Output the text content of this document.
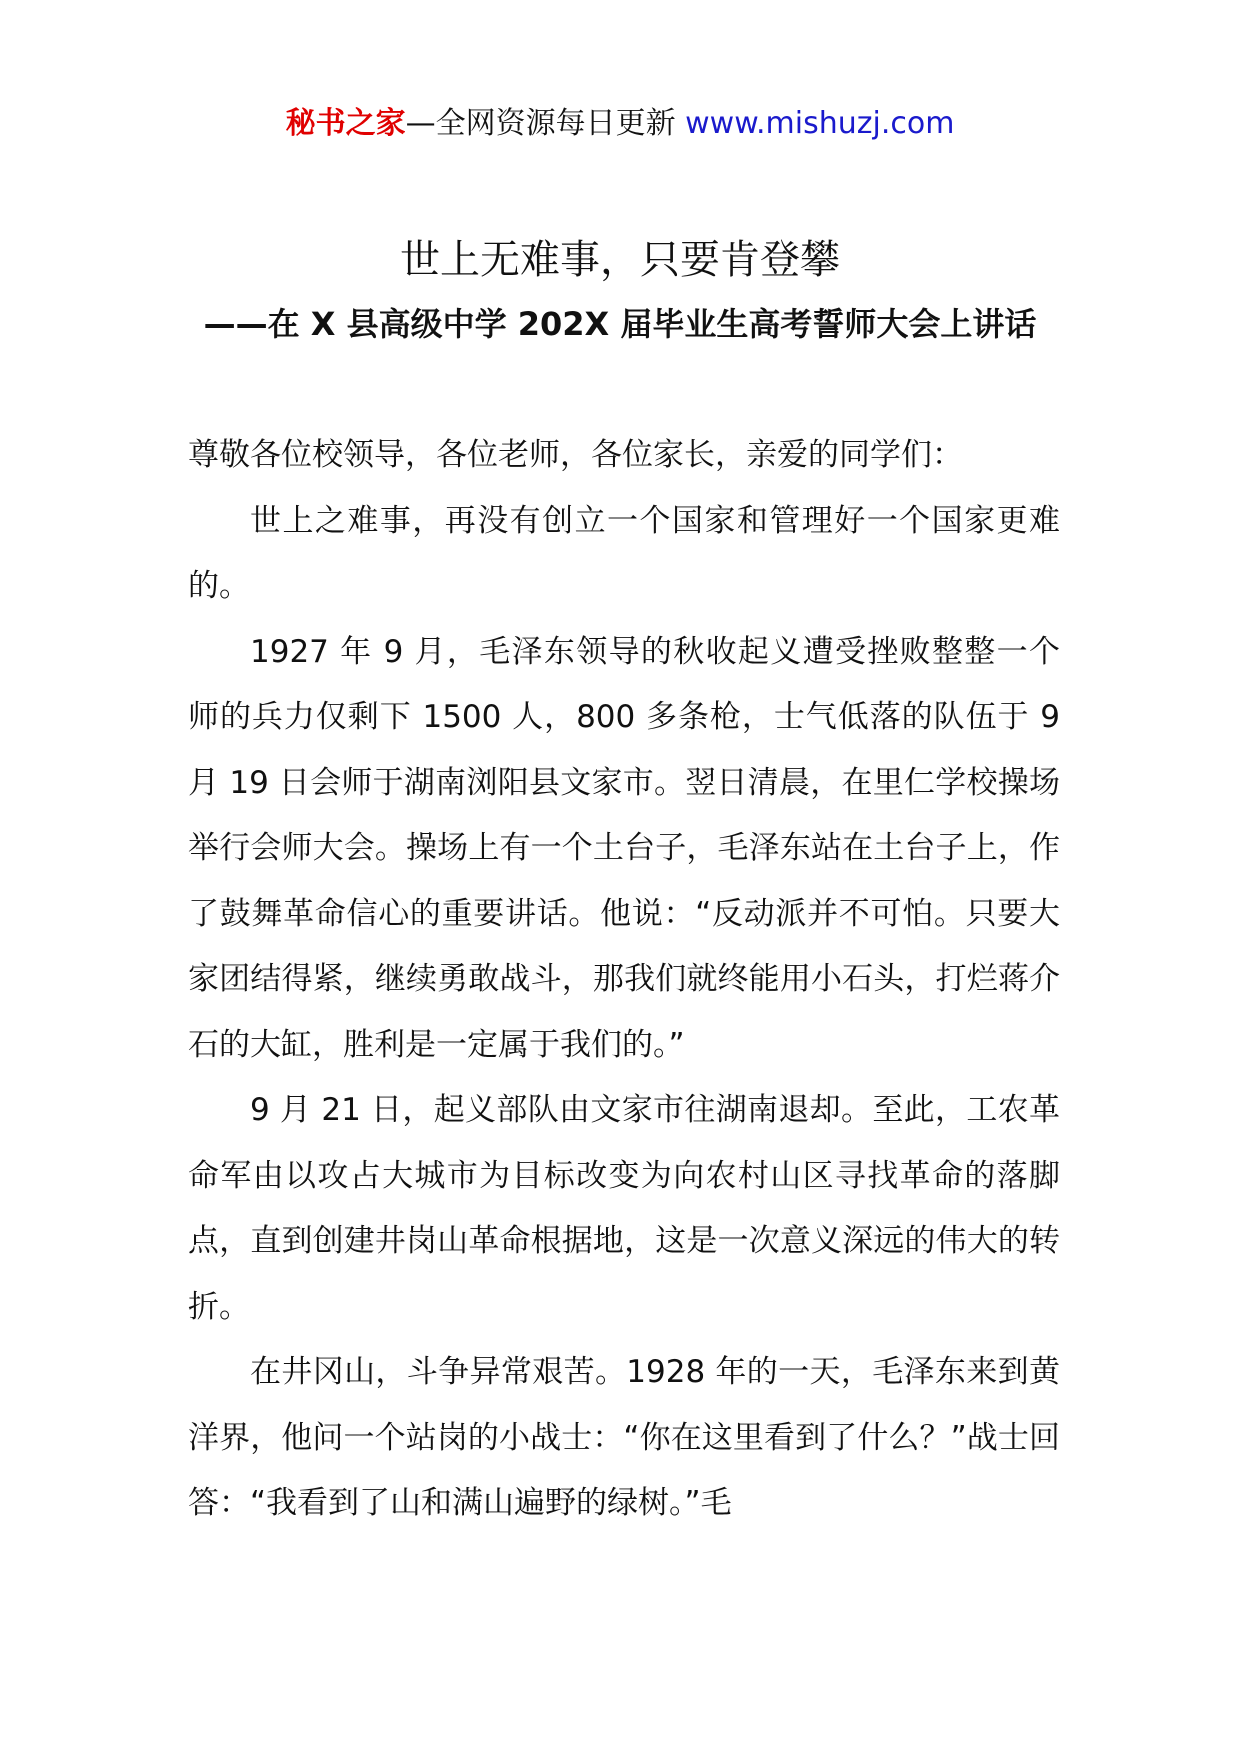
秘书之家—全网资源每日更新 www.mishuzj.com
世上无难事，只要肯登攀
——在 X 县高级中学 202X 届毕业生高考誓师大会上讲话

尊敬各位校领导，各位老师，各位家长，亲爱的同学们：

世上之难事，再没有创立一个国家和管理好一个国家更难的。

1927 年 9 月，毛泽东领导的秋收起义遭受挫败整整一个师的兵力仅剩下 1500 人，800 多条枪，士气低落的队伍于 9 月 19 日会师于湖南浏阳县文家市。翌日清晨，在里仁学校操场举行会师大会。操场上有一个土台子，毛泽东站在土台子上，作了鼓舞革命信心的重要讲话。他说：“反动派并不可怕。只要大家团结得紧，继续勇敢战斗，那我们就终能用小石头，打烂蒋介石的大缸，胜利是一定属于我们的。”

9 月 21 日，起义部队由文家市往湖南退却。至此，工农革命军由以攻占大城市为目标改变为向农村山区寻找革命的落脚点，直到创建井岗山革命根据地，这是一次意义深远的伟大的转折。

在井冈山，斗争异常艰苦。1928 年的一天，毛泽东来到黄洋界，他问一个站岗的小战士：“你在这里看到了什么？”战士回答：“我看到了山和满山遍野的绿树。”毛
